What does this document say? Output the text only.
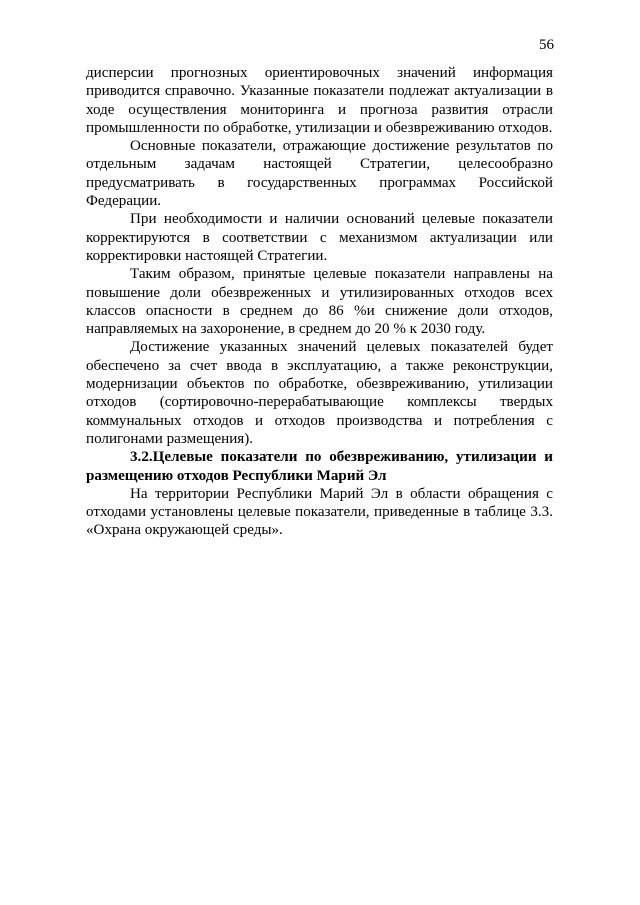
56

дисперсии прогнозных ориентировочных значений информация приводится справочно. Указанные показатели подлежат актуализации в ходе осуществления мониторинга и прогноза развития отрасли промышленности по обработке, утилизации и обезвреживанию отходов.

Основные показатели, отражающие достижение результатов по отдельным задачам настоящей Стратегии, целесообразно предусматривать в государственных программах Российской Федерации.

При необходимости и наличии оснований целевые показатели корректируются в соответствии с механизмом актуализации или корректировки настоящей Стратегии.

Таким образом, принятые целевые показатели направлены на повышение доли обезвреженных и утилизированных отходов всех классов опасности в среднем до 86 %и снижение доли отходов, направляемых на захоронение, в среднем до 20 % к 2030 году.

Достижение указанных значений целевых показателей будет обеспечено за счет ввода в эксплуатацию, а также реконструкции, модернизации объектов по обработке, обезвреживанию, утилизации отходов (сортировочно-перерабатывающие комплексы твердых коммунальных отходов и отходов производства и потребления с полигонами размещения).

3.2.Целевые показатели по обезвреживанию, утилизации и размещению отходов Республики Марий Эл

На территории Республики Марий Эл в области обращения с отходами установлены целевые показатели, приведенные в таблице 3.3. «Охрана окружающей среды».
